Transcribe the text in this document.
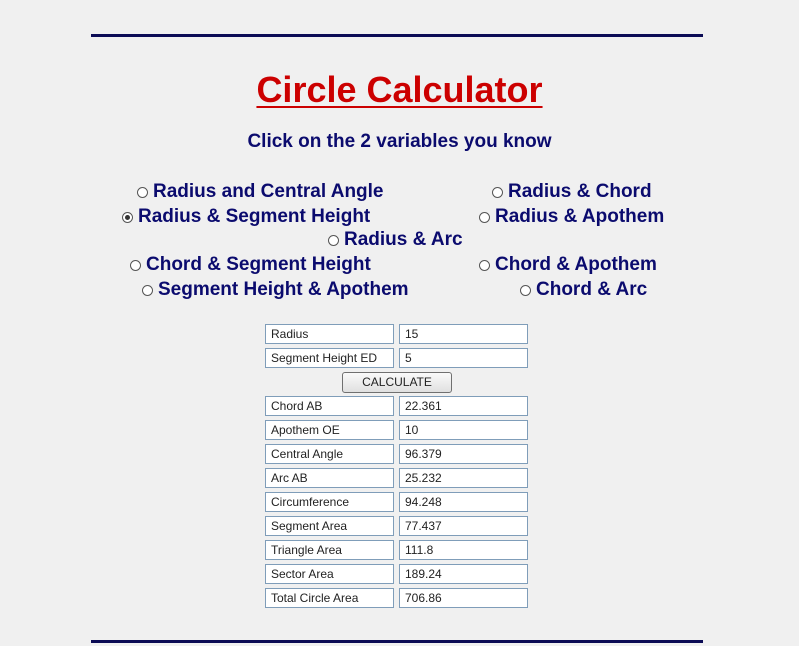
Circle Calculator
Click on the 2 variables you know
Radius and Central Angle	Radius & Chord
Radius & Segment Height	Radius & Apothem
Radius & Arc
Chord & Segment Height	Chord & Apothem
Segment Height & Apothem	Chord & Arc
Radius	15
Segment Height ED	5
CALCULATE
Chord AB	22.361
Apothem OE	10
Central Angle	96.379
Arc AB	25.232
Circumference	94.248
Segment Area	77.437
Triangle Area	111.8
Sector Area	189.24
Total Circle Area	706.86
